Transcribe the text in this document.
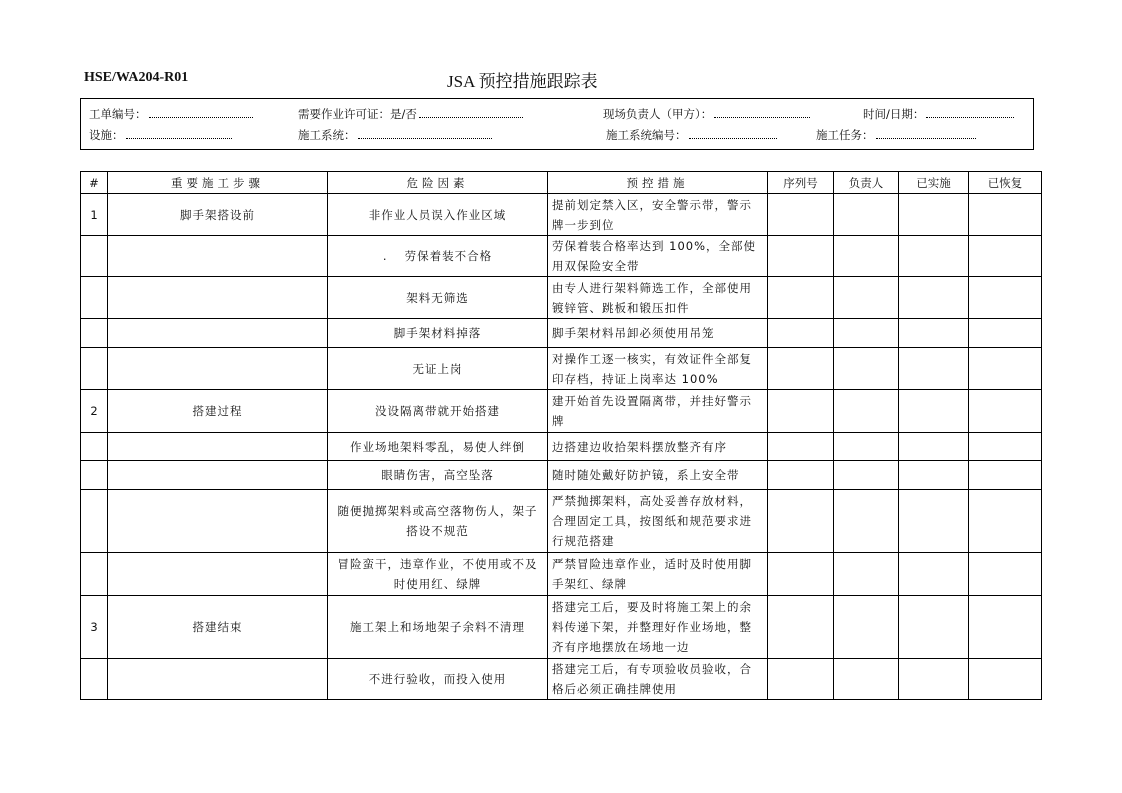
HSE/WA204-R01	JSA 预控措施跟踪表
工单编号：	需要作业许可证：是/否	现场负责人（甲方）：	时间/日期：
设施：	施工系统：	施工系统编号：	施工任务：
#	重要施工步骤	危险因素	预控措施	序列号	负责人	已实施	已恢复
1	脚手架搭设前	非作业人员误入作业区域	提前划定禁入区，安全警示带，警示牌一步到位				
		.　 劳保着装不合格	劳保着装合格率达到 100%，全部使用双保险安全带				
		架料无筛选	由专人进行架料筛选工作，全部使用镀锌管、跳板和锻压扣件				
		脚手架材料掉落	脚手架材料吊卸必须使用吊笼				
		无证上岗	对操作工逐一核实，有效证件全部复印存档，持证上岗率达 100%				
2	搭建过程	没设隔离带就开始搭建	建开始首先设置隔离带，并挂好警示牌				
		作业场地架料零乱，易使人绊倒	边搭建边收拾架料摆放整齐有序				
		眼睛伤害，高空坠落	随时随处戴好防护镜，系上安全带				
		随便抛掷架料或高空落物伤人，架子搭设不规范	严禁抛掷架料，高处妥善存放材料，合理固定工具，按图纸和规范要求进行规范搭建				
		冒险蛮干，违章作业，不使用或不及时使用红、绿牌	严禁冒险违章作业，适时及时使用脚手架红、绿牌				
3	搭建结束	施工架上和场地架子余料不清理	搭建完工后，要及时将施工架上的余料传递下架，并整理好作业场地，整齐有序地摆放在场地一边				
		不进行验收，而投入使用	搭建完工后，有专项验收员验收，合格后必须正确挂牌使用				
